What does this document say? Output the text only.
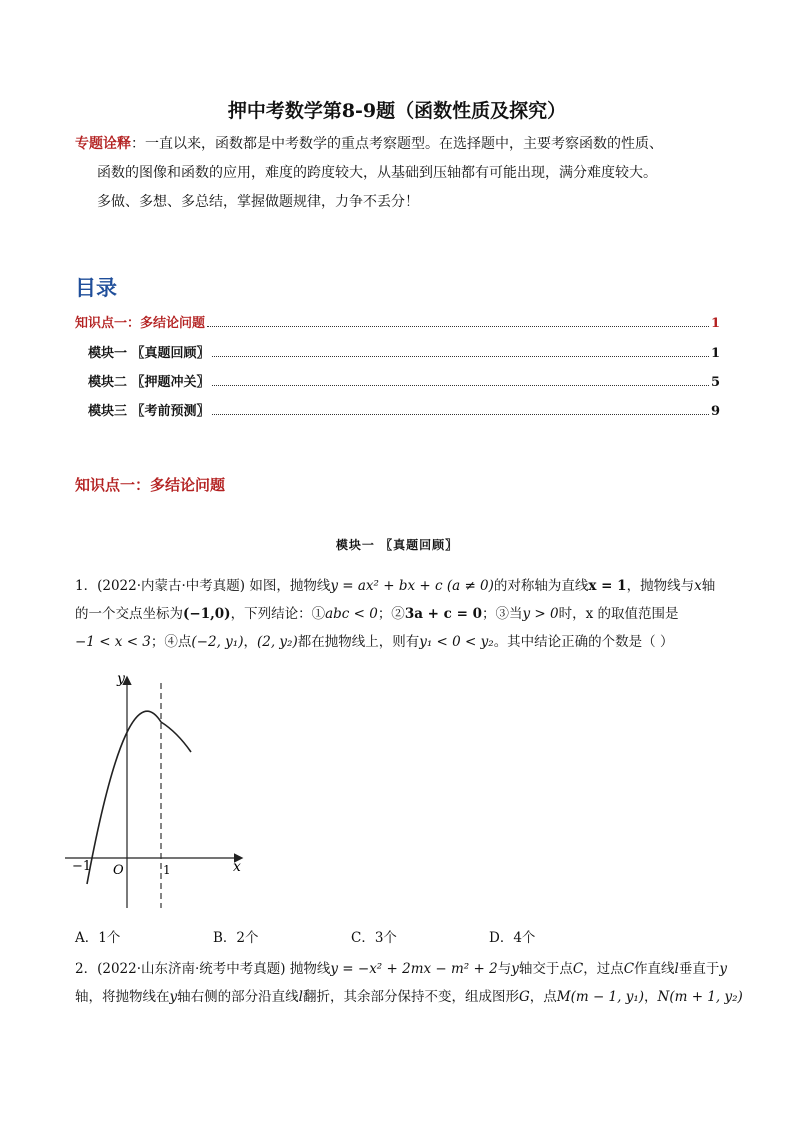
押中考数学第8-9题（函数性质及探究）
专题诠释：一直以来，函数都是中考数学的重点考察题型。在选择题中，主要考察函数的性质、
函数的图像和函数的应用，难度的跨度较大，从基础到压轴都有可能出现，满分难度较大。
多做、多想、多总结，掌握做题规律，力争不丢分！
目录
知识点一：多结论问题	1
模块一 〖真题回顾〗	1
模块二 〖押题冲关〗	5
模块三 〖考前预测〗	9
知识点一：多结论问题
模块一 〖真题回顾〗
1．(2022·内蒙古·中考真题) 如图，抛物线y = ax² + bx + c (a ≠ 0)的对称轴为直线x = 1，抛物线与x轴
的一个交点坐标为(−1,0)，下列结论：①abc < 0；②3a + c = 0；③当y > 0时，x 的取值范围是
−1 < x < 3；④点(−2, y₁)，(2, y₂)都在抛物线上，则有y₁ < 0 < y₂。其中结论正确的个数是（ ）
y
x
O
−1	1
A．1个	B．2个	C．3个	D．4个
2．(2022·山东济南·统考中考真题) 抛物线y = −x² + 2mx − m² + 2与y轴交于点C，过点C作直线l垂直于y
轴，将抛物线在y轴右侧的部分沿直线l翻折，其余部分保持不变，组成图形G，点M(m − 1, y₁)，N(m + 1, y₂)
